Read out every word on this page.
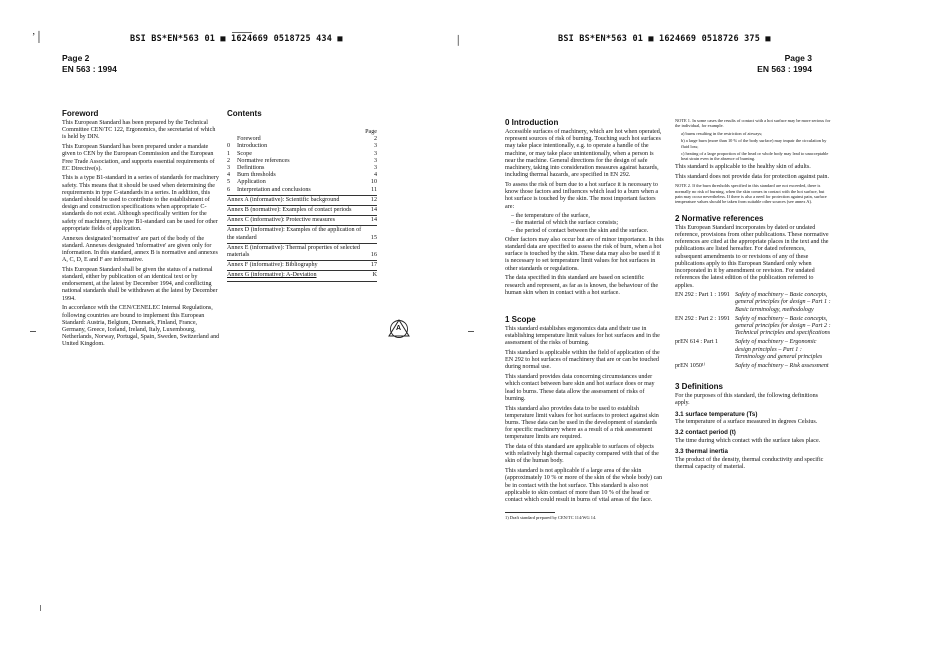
’│	BSI BS*EN*563 01 ■ 1624669 0518725 434 ■	│	BSI BS*EN*563 01 ■ 1624669 0518726 375 ■
Page 2
EN 563 : 1994
Page 3
EN 563 : 1994
Foreword

This European Standard has been prepared by the Technical Committee CEN/TC 122, Ergonomics, the secretariat of which is held by DIN.

This European Standard has been prepared under a mandate given to CEN by the European Commission and the European Free Trade Association, and supports essential requirements of EC Directive(s).

This is a type B1-standard in a series of standards for machinery safety. This means that it should be used when determining the requirements in type C-standards in a series. In addition, this standard should be used to contribute to the establishment of design and construction specifications when appropriate C-standards do not exist. Although specifically written for the safety of machinery, this type B1-standard can be used for other appropriate fields of application.

Annexes designated 'normative' are part of the body of the standard. Annexes designated 'informative' are given only for information. In this standard, annex B is normative and annexes A, C, D, E and F are informative.

This European Standard shall be given the status of a national standard, either by publication of an identical text or by endorsement, at the latest by December 1994, and conflicting national standards shall be withdrawn at the latest by December 1994.

In accordance with the CEN/CENELEC Internal Regulations, following countries are bound to implement this European Standard: Austria, Belgium, Denmark, Finland, France, Germany, Greece, Iceland, Ireland, Italy, Luxembourg, Netherlands, Norway, Portugal, Spain, Sweden, Switzerland and United Kingdom.

Contents
Page
Foreword	2
0	Introduction	3
1	Scope	3
2	Normative references	3
3	Definitions	3
4	Burn thresholds	4
5	Application	10
6	Interpretation and conclusions	11
Annex A (informative): Scientific background	12
Annex B (normative): Examples of contact periods	14
Annex C (informative): Protective measures	14
Annex D (informative): Examples of the application of the standard	15
Annex E (informative): Thermal properties of selected materials	16
Annex F (informative): Bibliography	17
Annex G (informative): A-Deviation	K
A
0 Introduction

Accessible surfaces of machinery, which are hot when operated, represent sources of risk of burning. Touching such hot surfaces may take place intentionally, e.g. to operate a handle of the machine, or may take place unintentionally, when a person is near the machine. General directions for the design of safe machinery, taking into consideration measures against hazards, including thermal hazards, are specified in EN 292.

To assess the risk of burn due to a hot surface it is necessary to know those factors and influences which lead to a burn when a hot surface is touched by the skin. The most important factors are:

– the temperature of the surface,
– the material of which the surface consists;
– the period of contact between the skin and the surface.

Other factors may also occur but are of minor importance. In this standard data are specified to assess the risk of burn, when a hot surface is touched by the skin. These data may also be used if it is necessary to set temperature limit values for hot surfaces in other standards or regulations.

The data specified in this standard are based on scientific research and represent, as far as is known, the behaviour of the human skin when in contact with a hot surface.

1 Scope

This standard establishes ergonomics data and their use in establishing temperature limit values for hot surfaces and in the assessment of the risks of burning.

This standard is applicable within the field of application of the EN 292 to hot surfaces of machinery that are or can be touched during normal use.

This standard provides data concerning circumstances under which contact between bare skin and hot surface does or may lead to burns. These data allow the assessment of risks of burning.

This standard also provides data to be used to establish temperature limit values for hot surfaces to protect against skin burns. These data can be used in the development of standards for specific machinery where as a result of a risk assessment temperature limits are required.

The data of this standard are applicable to surfaces of objects with relatively high thermal capacity compared with that of the skin of the human body.

This standard is not applicable if a large area of the skin (approximately 10 % or more of the skin of the whole body) can be in contact with the hot surface. This standard is also not applicable to skin contact of more than 10 % of the head or contact which could result in burns of vital areas of the face.

1) Draft standard prepared by CEN/TC 114/WG 14.

NOTE 1. In some cases the results of contact with a hot surface may be more serious for the individual, for example.

a) burns resulting in the restriction of airways;

b) a large burn (more than 10 % of the body surface) may impair the circulation by fluid loss;

c) heating of a large proportion of the head or whole body may lead to unacceptable heat strain even in the absence of burning.

This standard is applicable to the healthy skin of adults.

This standard does not provide data for protection against pain.

NOTE 2. If the burn thresholds specified in this standard are not exceeded, there is normally no risk of burning, when the skin comes in contact with the hot surface, but pain may occur nevertheless. If there is also a need for protection against pain, surface temperature values should be taken from suitable other sources (see annex A).

2 Normative references

This European Standard incorporates by dated or undated reference, provisions from other publications. These normative references are cited at the appropriate places in the text and the publications are listed hereafter. For dated references, subsequent amendments to or revisions of any of these publications apply to this European Standard only when incorporated in it by amendment or revision. For undated references the latest edition of the publication referred to applies.

EN 292 : Part 1 : 1991 Safety of machinery – Basic concepts, general principles for design – Part 1 : Basic terminology, methodology
EN 292 : Part 2 : 1991 Safety of machinery – Basic concepts, general principles for design – Part 2 : Technical principles and specifications
prEN 614 : Part 1	Safety of machinery – Ergonomic design principles – Part 1 : Terminology and general principles
prEN 1050¹⁾	Safety of machinery – Risk assessment
3 Definitions

For the purposes of this standard, the following definitions apply.

3.1 surface temperature (Ts)

The temperature of a surface measured in degrees Celsius.

3.2 contact period (t)

The time during which contact with the surface takes place.

3.3 thermal inertia

The product of the density, thermal conductivity and specific thermal capacity of material.
